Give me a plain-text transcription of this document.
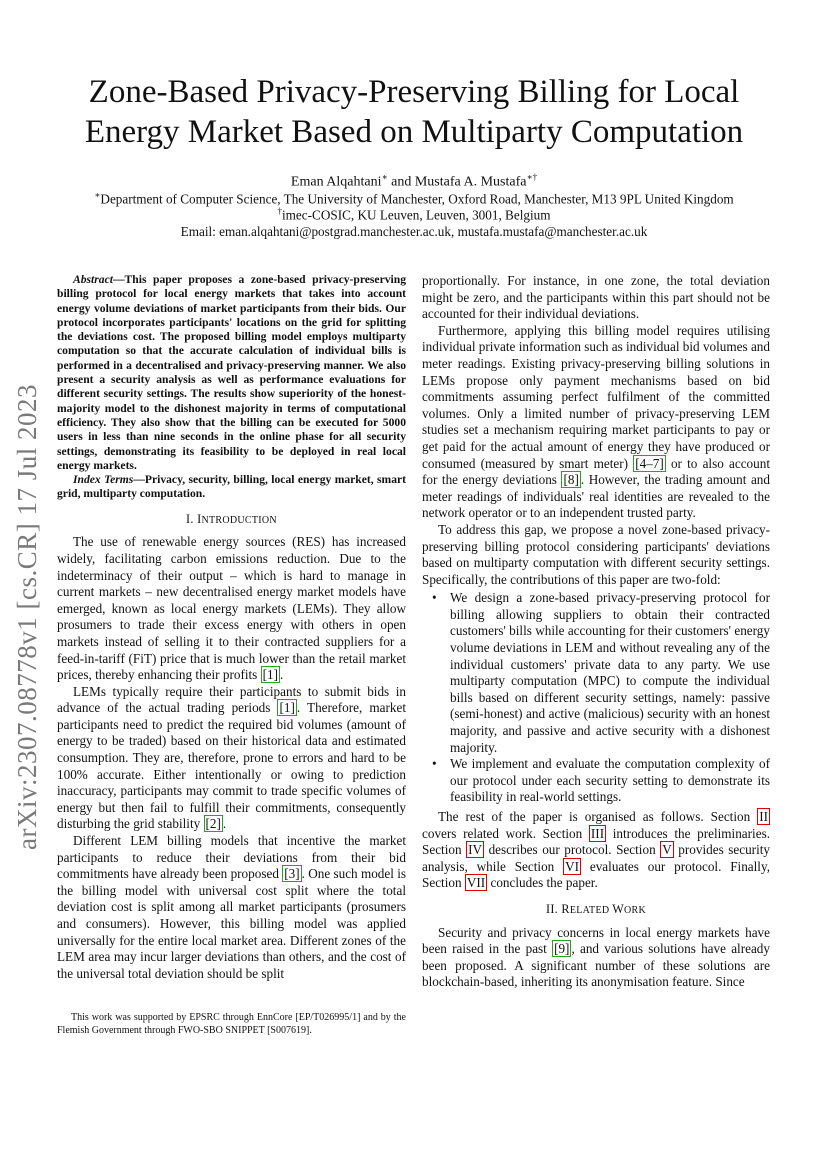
arXiv:2307.08778v1 [cs.CR] 17 Jul 2023
Zone-Based Privacy-Preserving Billing for Local Energy Market Based on Multiparty Computation
Eman Alqahtani∗ and Mustafa A. Mustafa∗†
∗Department of Computer Science, The University of Manchester, Oxford Road, Manchester, M13 9PL United Kingdom
†imec-COSIC, KU Leuven, Leuven, 3001, Belgium
Email: eman.alqahtani@postgrad.manchester.ac.uk, mustafa.mustafa@manchester.ac.uk

Abstract—This paper proposes a zone-based privacy-preserving billing protocol for local energy markets that takes into account energy volume deviations of market participants from their bids. Our protocol incorporates participants' locations on the grid for splitting the deviations cost. The proposed billing model employs multiparty computation so that the accurate calculation of individual bills is performed in a decentralised and privacy-preserving manner. We also present a security analysis as well as performance evaluations for different security settings. The results show superiority of the honest-majority model to the dishonest majority in terms of computational efficiency. They also show that the billing can be executed for 5000 users in less than nine seconds in the online phase for all security settings, demonstrating its feasibility to be deployed in real local energy markets.

Index Terms—Privacy, security, billing, local energy market, smart grid, multiparty computation.

I. INTRODUCTION

The use of renewable energy sources (RES) has increased widely, facilitating carbon emissions reduction. Due to the indeterminacy of their output – which is hard to manage in current markets – new decentralised energy market models have emerged, known as local energy markets (LEMs). They allow prosumers to trade their excess energy with others in open markets instead of selling it to their contracted suppliers for a feed-in-tariff (FiT) price that is much lower than the retail market prices, thereby enhancing their profits [1] .

LEMs typically require their participants to submit bids in advance of the actual trading periods [1] . Therefore, market participants need to predict the required bid volumes (amount of energy to be traded) based on their historical data and estimated consumption. They are, therefore, prone to errors and hard to be 100% accurate. Either intentionally or owing to prediction inaccuracy, participants may commit to trade specific volumes of energy but then fail to fulfill their commitments, consequently disturbing the grid stability [2] .

Different LEM billing models that incentive the market participants to reduce their deviations from their bid commitments have already been proposed [3] . One such model is the billing model with universal cost split where the total deviation cost is split among all market participants (prosumers and consumers). However, this billing model was applied universally for the entire local market area. Different zones of the LEM area may incur larger deviations than others, and the cost of the universal total deviation should be split

This work was supported by EPSRC through EnnCore [EP/T026995/1] and by the Flemish Government through FWO-SBO SNIPPET [S007619].

proportionally. For instance, in one zone, the total deviation might be zero, and the participants within this part should not be accounted for their individual deviations.

Furthermore, applying this billing model requires utilising individual private information such as individual bid volumes and meter readings. Existing privacy-preserving billing solutions in LEMs propose only payment mechanisms based on bid commitments assuming perfect fulfilment of the committed volumes. Only a limited number of privacy-preserving LEM studies set a mechanism requiring market participants to pay or get paid for the actual amount of energy they have produced or consumed (measured by smart meter) [4–7] or to also account for the energy deviations [8] . However, the trading amount and meter readings of individuals' real identities are revealed to the network operator or to an independent trusted party.

To address this gap, we propose a novel zone-based privacy-preserving billing protocol considering participants' deviations based on multiparty computation with different security settings. Specifically, the contributions of this paper are two-fold:

• We design a zone-based privacy-preserving protocol for billing allowing suppliers to obtain their contracted customers' bills while accounting for their customers' energy volume deviations in LEM and without revealing any of the individual customers' private data to any party. We use multiparty computation (MPC) to compute the individual bills based on different security settings, namely: passive (semi-honest) and active (malicious) security with an honest majority, and passive and active security with a dishonest majority.
• We implement and evaluate the computation complexity of our protocol under each security setting to demonstrate its feasibility in real-world settings.

The rest of the paper is organised as follows. Section II covers related work. Section III introduces the preliminaries. Section IV describes our protocol. Section V provides security analysis, while Section VI evaluates our protocol. Finally, Section VII concludes the paper.

II. RELATED WORK

Security and privacy concerns in local energy markets have been raised in the past [9] , and various solutions have already been proposed. A significant number of these solutions are blockchain-based, inheriting its anonymisation feature. Since
